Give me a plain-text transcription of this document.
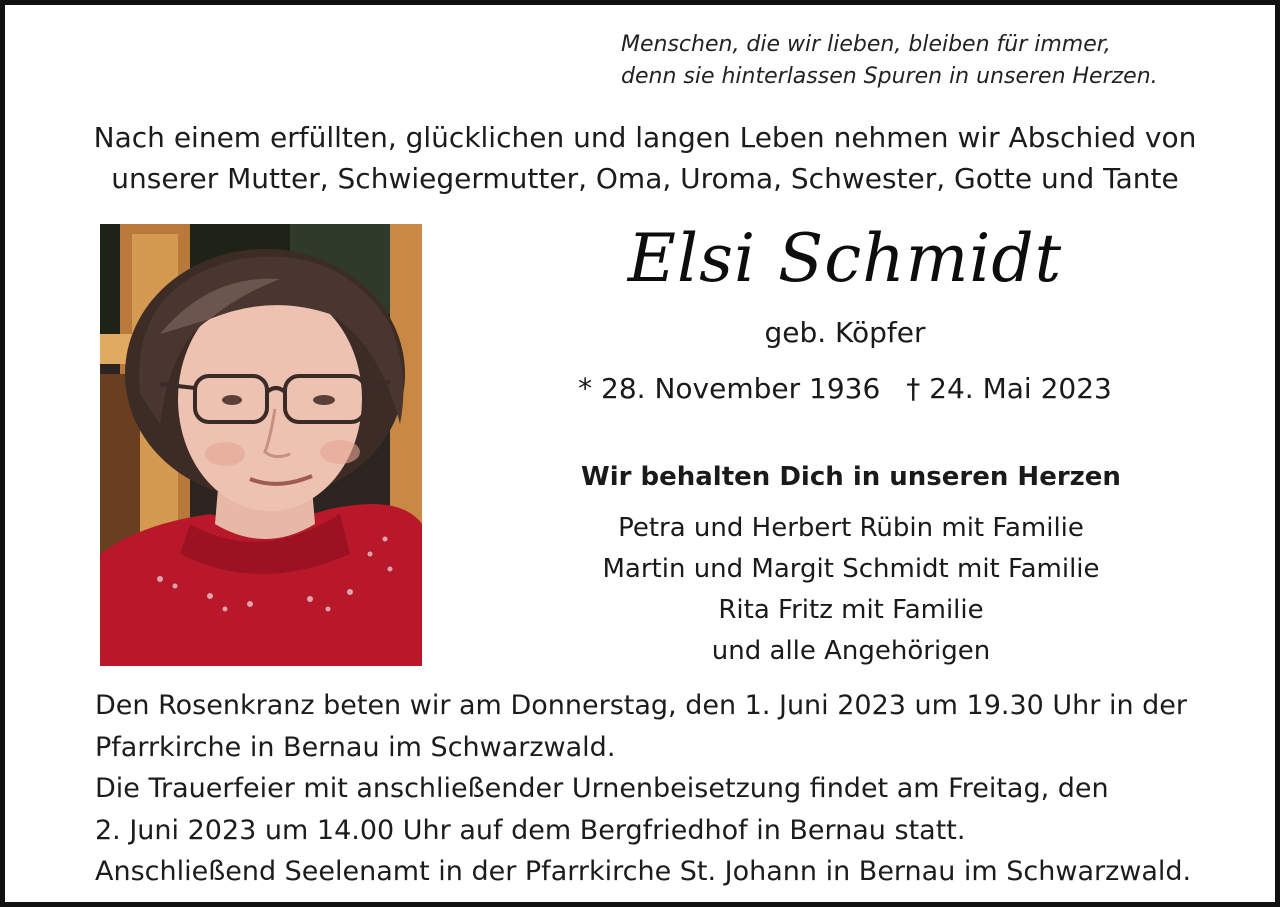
Menschen, die wir lieben, bleiben für immer,
denn sie hinterlassen Spuren in unseren Herzen.
Nach einem erfüllten, glücklichen und langen Leben nehmen wir Abschied von
unserer Mutter, Schwiegermutter, Oma, Uroma, Schwester, Gotte und Tante
Elsi Schmidt
geb. Köpfer
* 28. November 1936 † 24. Mai 2023
Wir behalten Dich in unseren Herzen
Petra und Herbert Rübin mit Familie
Martin und Margit Schmidt mit Familie
Rita Fritz mit Familie
und alle Angehörigen
Den Rosenkranz beten wir am Donnerstag, den 1. Juni 2023 um 19.30 Uhr in der
Pfarrkirche in Bernau im Schwarzwald.
Die Trauerfeier mit anschließender Urnenbeisetzung findet am Freitag, den
2. Juni 2023 um 14.00 Uhr auf dem Bergfriedhof in Bernau statt.
Anschließend Seelenamt in der Pfarrkirche St. Johann in Bernau im Schwarzwald.
